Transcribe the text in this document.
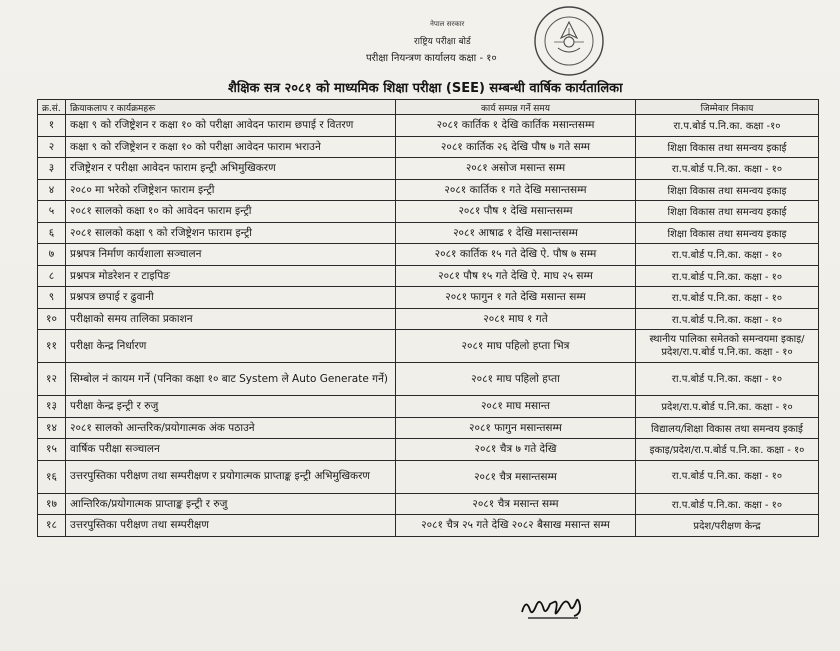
नेपाल सरकार
राष्ट्रिय परीक्षा बोर्ड
परीक्षा नियन्त्रण कार्यालय कक्षा - १०
शैक्षिक सत्र २०८१ को माध्यमिक शिक्षा परीक्षा (SEE) सम्बन्धी वार्षिक कार्यतालिका
क्र.सं.	क्रियाकलाप र कार्यक्रमहरू	कार्य सम्पन्न गर्ने समय	जिम्मेवार निकाय
१	कक्षा ९ को रजिष्ट्रेशन र कक्षा १० को परीक्षा आवेदन फाराम छपाई र वितरण	२०८१ कार्तिक १ देखि कार्तिक मसान्तसम्म	रा.प.बोर्ड प.नि.का. कक्षा -१०
२	कक्षा ९ को रजिष्ट्रेशन र कक्षा १० को परीक्षा आवेदन फाराम भराउने	२०८१ कार्तिक २६ देखि पौष ७ गते सम्म	शिक्षा विकास तथा समन्वय इकाई
३	रजिष्ट्रेशन र परीक्षा आवेदन फाराम इन्ट्री अभिमुखिकरण	२०८१ असोज मसान्त सम्म	रा.प.बोर्ड प.नि.का. कक्षा - १०
४	२०८० मा भरेको रजिष्ट्रेशन फाराम इन्ट्री	२०८१ कार्तिक १ गते देखि मसान्तसम्म	शिक्षा विकास तथा समन्वय इकाइ
५	२०८१ सालको कक्षा १० को आवेदन फाराम इन्ट्री	२०८१ पौष १ देखि मसान्तसम्म	शिक्षा विकास तथा समन्वय इकाई
६	२०८१ सालको कक्षा ९ को रजिष्ट्रेशन फाराम इन्ट्री	२०८१ आषाढ १ देखि मसान्तसम्म	शिक्षा विकास तथा समन्वय इकाइ
७	प्रश्नपत्र निर्माण कार्यशाला सञ्चालन	२०८१ कार्तिक १५ गते देखि ऐ. पौष ७ सम्म	रा.प.बोर्ड प.नि.का. कक्षा - १०
८	प्रश्नपत्र मोडरेशन र टाइपिङ	२०८१ पौष १५ गते देखि ऐ. माघ २५ सम्म	रा.प.बोर्ड प.नि.का. कक्षा - १०
९	प्रश्नपत्र छपाई र ढुवानी	२०८१ फागुन १ गते देखि मसान्त सम्म	रा.प.बोर्ड प.नि.का. कक्षा - १०
१०	परीक्षाको समय तालिका प्रकाशन	२०८१ माघ १ गते	रा.प.बोर्ड प.नि.का. कक्षा - १०
११	परीक्षा केन्द्र निर्धारण	२०८१ माघ पहिलो हप्ता भित्र	स्थानीय पालिका समेतको समन्वयमा इकाइ/प्रदेश/रा.प.बोर्ड प.नि.का. कक्षा - १०
१२	सिम्बोल नं कायम गर्ने (पनिका कक्षा १० बाट System ले Auto Generate गर्ने)	२०८१ माघ पहिलो हप्ता	रा.प.बोर्ड प.नि.का. कक्षा - १०
१३	परीक्षा केन्द्र इन्ट्री र रुजु	२०८१ माघ मसान्त	प्रदेश/रा.प.बोर्ड प.नि.का. कक्षा - १०
१४	२०८१ सालको आन्तरिक/प्रयोगात्मक अंक पठाउने	२०८१ फागुन मसान्तसम्म	विद्यालय/शिक्षा विकास तथा समन्वय इकाई
१५	वार्षिक परीक्षा सञ्चालन	२०८१ चैत्र ७ गते देखि	इकाइ/प्रदेश/रा.प.बोर्ड प.नि.का. कक्षा - १०
१६	उत्तरपुस्तिका परीक्षण तथा सम्परीक्षण र प्रयोगात्मक प्राप्ताङ्क इन्ट्री अभिमुखिकरण	२०८१ चैत्र मसान्तसम्म	रा.प.बोर्ड प.नि.का. कक्षा - १०
१७	आन्तिरिक/प्रयोगात्मक प्राप्ताङ्क इन्ट्री र रुजु	२०८१ चैत्र मसान्त सम्म	रा.प.बोर्ड प.नि.का. कक्षा - १०
१८	उत्तरपुस्तिका परीक्षण तथा सम्परीक्षण	२०८१ चैत्र २५ गते देखि २०८२ बैसाख मसान्त सम्म	प्रदेश/परीक्षण केन्द्र
